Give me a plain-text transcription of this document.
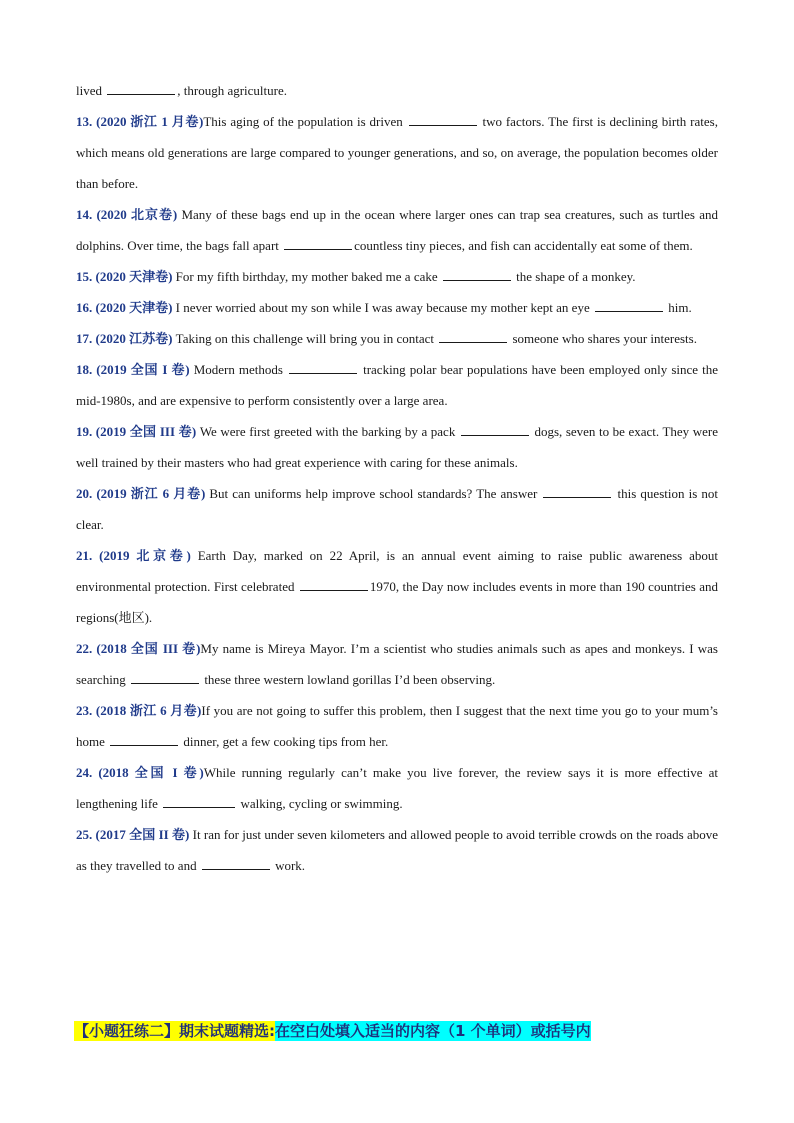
lived	, through agriculture.

13. (2020 浙江 1 月卷)This aging of the population is driven	two factors. The first is declining birth rates, which means old generations are large compared to younger generations, and so, on average, the population becomes older than before.

14. (2020 北京卷) Many of these bags end up in the ocean where larger ones can trap sea creatures, such as turtles and dolphins. Over time, the bags fall apart	countless tiny pieces, and fish can accidentally eat some of them.

15. (2020 天津卷) For my fifth birthday, my mother baked me a cake	the shape of a monkey.

16. (2020 天津卷) I never worried about my son while I was away because my mother kept an eye	him.

17. (2020 江苏卷) Taking on this challenge will bring you in contact	someone who shares your interests.

18. (2019 全国 I 卷) Modern methods	tracking polar bear populations have been employed only since the mid-1980s, and are expensive to perform consistently over a large area.

19. (2019 全国 III 卷) We were first greeted with the barking by a pack	dogs, seven to be exact. They were well trained by their masters who had great experience with caring for these animals.

20. (2019 浙江 6 月卷) But can uniforms help improve school standards? The answer	this question is not clear.

21. (2019 北京卷) Earth Day, marked on 22 April, is an annual event aiming to raise public awareness about environmental protection. First celebrated	1970, the Day now includes events in more than 190 countries and regions(地区).

22. (2018 全国 III 卷)My name is Mireya Mayor. I’m a scientist who studies animals such as apes and monkeys. I was searching	these three western lowland gorillas I’d been observing.

23. (2018 浙江 6 月卷)If you are not going to suffer this problem, then I suggest that the next time you go to your mum’s home	dinner, get a few cooking tips from her.

24. (2018 全国 I 卷)While running regularly can’t make you live forever, the review says it is more effective at lengthening life	walking, cycling or swimming.

25. (2017 全国 II 卷) It ran for just under seven kilometers and allowed people to avoid terrible crowds on the roads above as they travelled to and	work.

【小题狂练二】期末试题精选:在空白处填入适当的内容（1 个单词）或括号内
